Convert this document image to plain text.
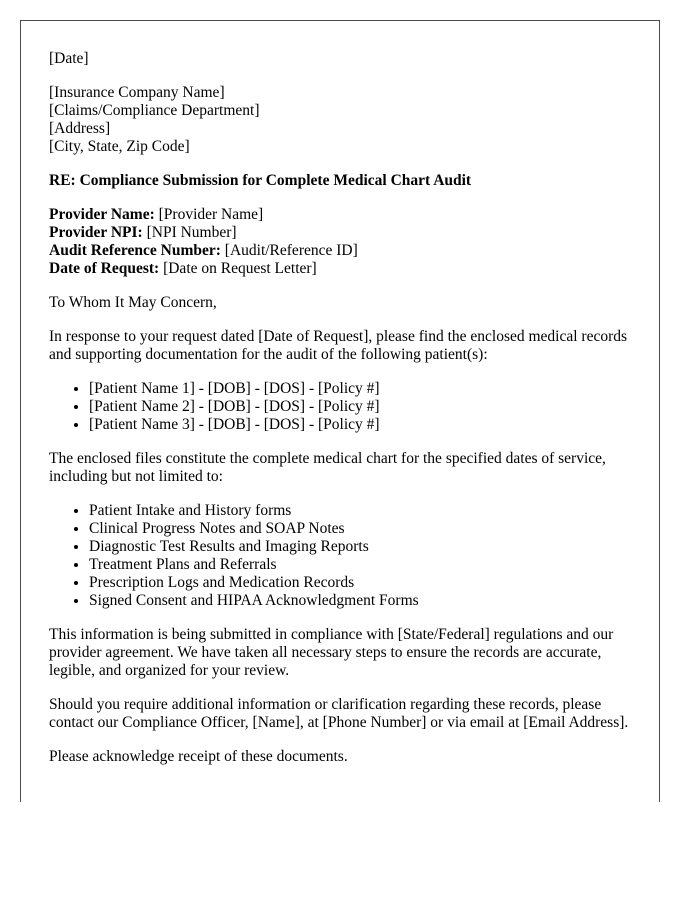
[Date]

[Insurance Company Name]
[Claims/Compliance Department]
[Address]
[City, State, Zip Code]

RE: Compliance Submission for Complete Medical Chart Audit

Provider Name: [Provider Name]
Provider NPI: [NPI Number]
Audit Reference Number: [Audit/Reference ID]
Date of Request: [Date on Request Letter]

To Whom It May Concern,

In response to your request dated [Date of Request], please find the enclosed medical records and supporting documentation for the audit of the following patient(s):

• [Patient Name 1] - [DOB] - [DOS] - [Policy #]
• [Patient Name 2] - [DOB] - [DOS] - [Policy #]
• [Patient Name 3] - [DOB] - [DOS] - [Policy #]

The enclosed files constitute the complete medical chart for the specified dates of service, including but not limited to:

• Patient Intake and History forms
• Clinical Progress Notes and SOAP Notes
• Diagnostic Test Results and Imaging Reports
• Treatment Plans and Referrals
• Prescription Logs and Medication Records
• Signed Consent and HIPAA Acknowledgment Forms

This information is being submitted in compliance with [State/Federal] regulations and our provider agreement. We have taken all necessary steps to ensure the records are accurate, legible, and organized for your review.

Should you require additional information or clarification regarding these records, please contact our Compliance Officer, [Name], at [Phone Number] or via email at [Email Address].

Please acknowledge receipt of these documents.
